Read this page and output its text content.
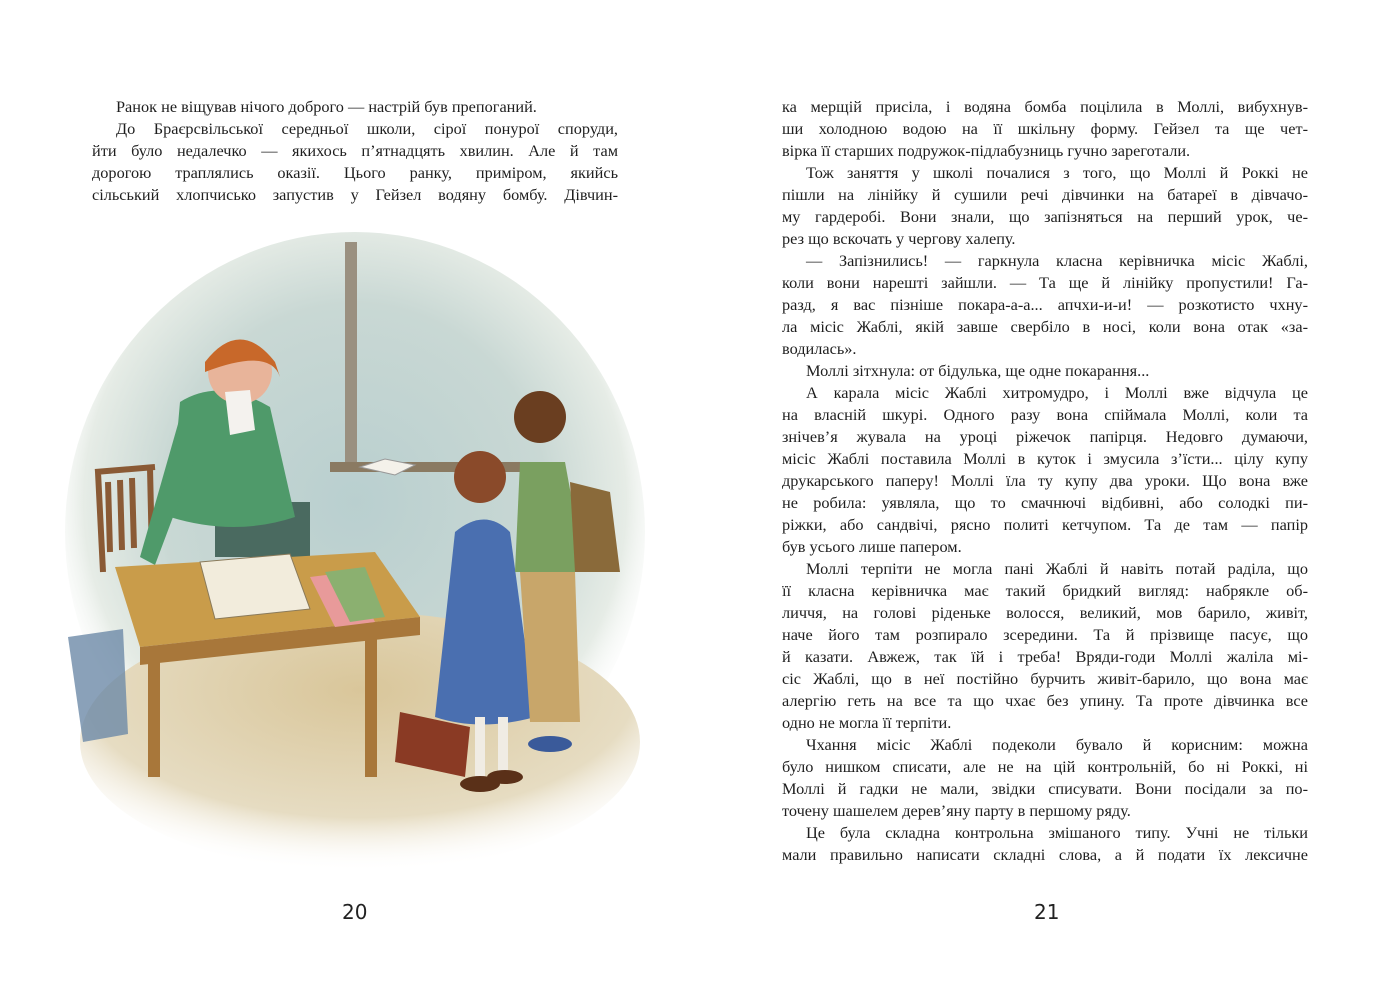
Ранок не віщував нічого доброго — настрій був препоганий.
До Браєрсвільської середньої школи, сірої понурої споруди,
йти було недалечко — якихось п’ятнадцять хвилин. Але й там
дорогою траплялись оказії. Цього ранку, приміром, якийсь
сільський хлопчисько запустив у Гейзел водяну бомбу. Дівчин-
20
ка мерщій присіла, і водяна бомба поцілила в Моллі, вибухнув-
ши холодною водою на її шкільну форму. Гейзел та ще чет-
вірка її старших подружок-підлабузниць гучно зареготали.
Тож заняття у школі почалися з того, що Моллі й Роккі не
пішли на лінійку й сушили речі дівчинки на батареї в дівчачо-
му гардеробі. Вони знали, що запізняться на перший урок, че-
рез що вскочать у чергову халепу.
— Запізнились! — гаркнула класна керівничка місіс Жаблі,
коли вони нарешті зайшли. — Та ще й лінійку пропустили! Га-
разд, я вас пізніше покара-а-а... апчхи-и-и! — розкотисто чхну-
ла місіс Жаблі, якій завше свербіло в носі, коли вона отак «за-
водилась».
Моллі зітхнула: от бідулька, ще одне покарання...
А карала місіс Жаблі хитромудро, і Моллі вже відчула це
на власній шкурі. Одного разу вона спіймала Моллі, коли та
знічев’я жувала на уроці ріжечок папірця. Недовго думаючи,
місіс Жаблі поставила Моллі в куток і змусила з’їсти... цілу купу
друкарського паперу! Моллі їла ту купу два уроки. Що вона вже
не робила: уявляла, що то смачнючі відбивні, або солодкі пи-
ріжки, або сандвічі, рясно политі кетчупом. Та де там — папір
був усього лише папером.
Моллі терпіти не могла пані Жаблі й навіть потай раділа, що
її класна керівничка має такий бридкий вигляд: набрякле об-
личчя, на голові ріденьке волосся, великий, мов барило, живіт,
наче його там розпирало зсередини. Та й прізвище пасує, що
й казати. Авжеж, так їй і треба! Вряди-годи Моллі жаліла мі-
сіс Жаблі, що в неї постійно бурчить живіт-барило, що вона має
алергію геть на все та що чхає без упину. Та проте дівчинка все
одно не могла її терпіти.
Чхання місіс Жаблі подеколи бувало й корисним: можна
було нишком списати, але не на цій контрольній, бо ні Роккі, ні
Моллі й гадки не мали, звідки списувати. Вони посідали за по-
точену шашелем дерев’яну парту в першому ряду.
Це була складна контрольна змішаного типу. Учні не тільки
мали правильно написати складні слова, а й подати їх лексичне
21
